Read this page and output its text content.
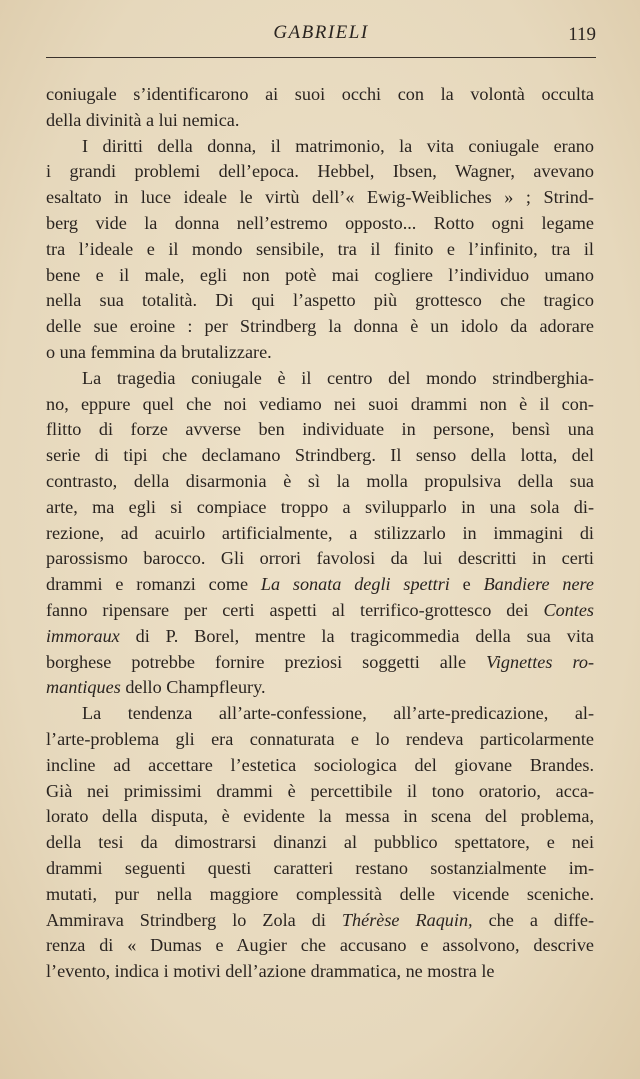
GABRIELI	119
coniugale s’identificarono ai suoi occhi con la volontà occulta
della divinità a lui nemica.
I diritti della donna, il matrimonio, la vita coniugale erano
i grandi problemi dell’epoca. Hebbel, Ibsen, Wagner, avevano
esaltato in luce ideale le virtù dell’« Ewig-Weibliches » ; Strind-
berg vide la donna nell’estremo opposto... Rotto ogni legame
tra l’ideale e il mondo sensibile, tra il finito e l’infinito, tra il
bene e il male, egli non potè mai cogliere l’individuo umano
nella sua totalità. Di qui l’aspetto più grottesco che tragico
delle sue eroine : per Strindberg la donna è un idolo da adorare
o una femmina da brutalizzare.
La tragedia coniugale è il centro del mondo strindberghia-
no, eppure quel che noi vediamo nei suoi drammi non è il con-
flitto di forze avverse ben individuate in persone, bensì una
serie di tipi che declamano Strindberg. Il senso della lotta, del
contrasto, della disarmonia è sì la molla propulsiva della sua
arte, ma egli si compiace troppo a svilupparlo in una sola di-
rezione, ad acuirlo artificialmente, a stilizzarlo in immagini di
parossismo barocco. Gli orrori favolosi da lui descritti in certi
drammi e romanzi come La sonata degli spettri e Bandiere nere
fanno ripensare per certi aspetti al terrifico-grottesco dei Contes
immoraux di P. Borel, mentre la tragicommedia della sua vita
borghese potrebbe fornire preziosi soggetti alle Vignettes ro-
mantiques dello Champfleury.
La tendenza all’arte-confessione, all’arte-predicazione, al-
l’arte-problema gli era connaturata e lo rendeva particolarmente
incline ad accettare l’estetica sociologica del giovane Brandes.
Già nei primissimi drammi è percettibile il tono oratorio, acca-
lorato della disputa, è evidente la messa in scena del problema,
della tesi da dimostrarsi dinanzi al pubblico spettatore, e nei
drammi seguenti questi caratteri restano sostanzialmente im-
mutati, pur nella maggiore complessità delle vicende sceniche.
Ammirava Strindberg lo Zola di Thérèse Raquin, che a diffe-
renza di « Dumas e Augier che accusano e assolvono, descrive
l’evento, indica i motivi dell’azione drammatica, ne mostra le
